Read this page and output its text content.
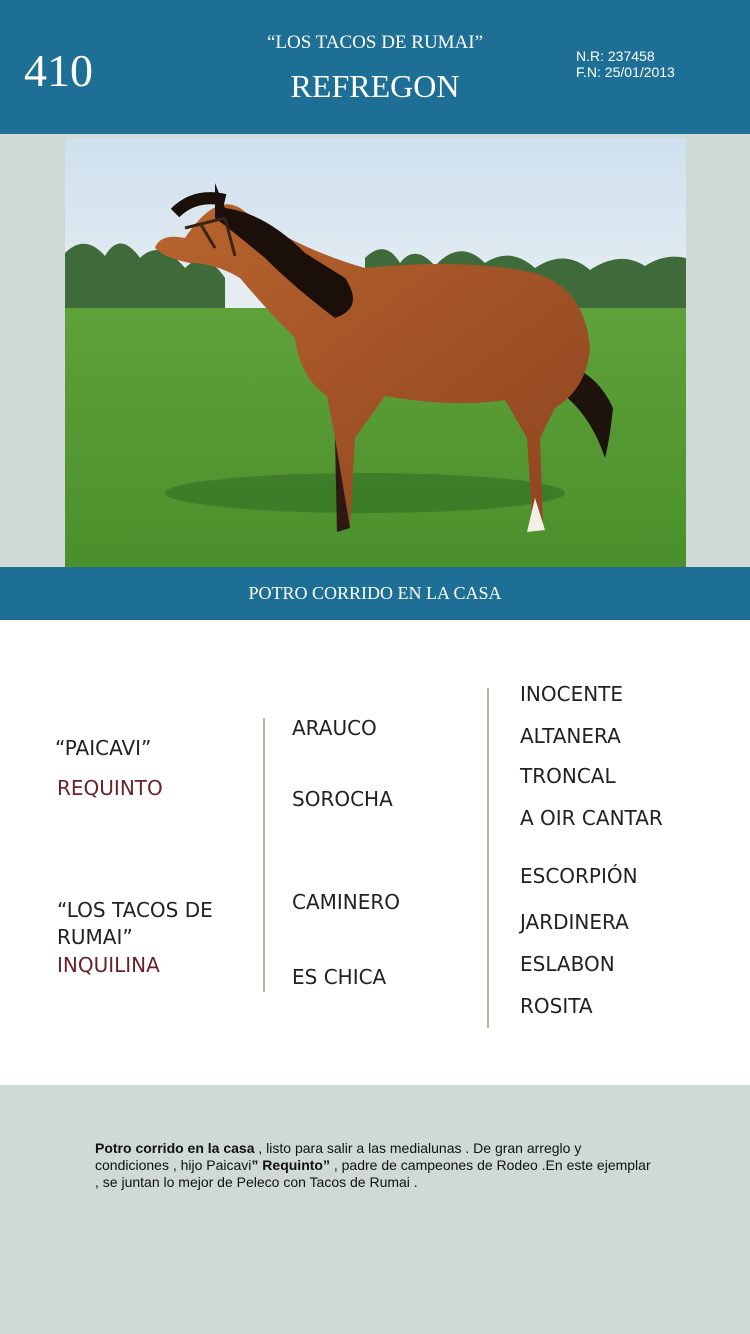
410
“LOS TACOS DE RUMAI”
REFREGON
N.R: 237458
F.N: 25/01/2013
POTRO CORRIDO EN LA CASA
“PAICAVI”
REQUINTO
“LOS TACOS DE
RUMAI”
INQUILINA
ARAUCO
SOROCHA
CAMINERO
ES CHICA
INOCENTE
ALTANERA
TRONCAL
A OIR CANTAR
ESCORPIÓN
JARDINERA
ESLABON
ROSITA
Potro corrido en la casa , listo para salir a las medialunas . De gran arreglo y condiciones , hijo Paicavi” Requinto” , padre de campeones de Rodeo .En este ejemplar , se juntan lo mejor de Peleco con Tacos de Rumai .
